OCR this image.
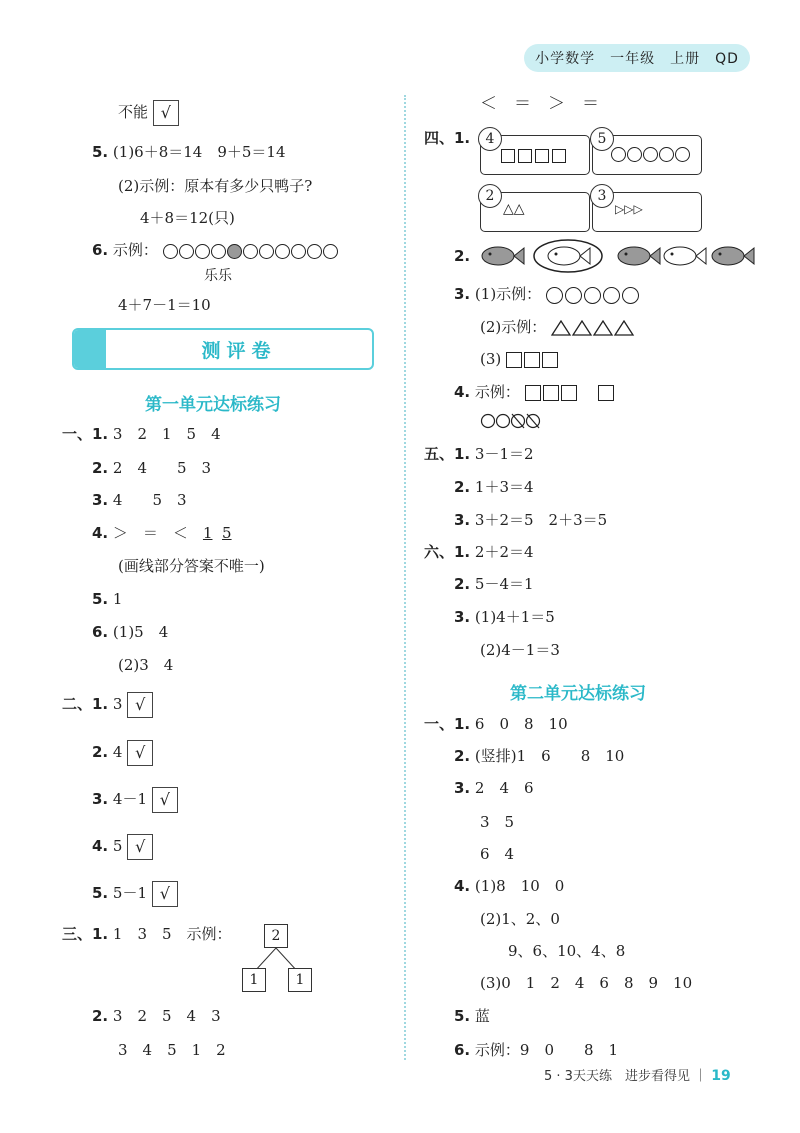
小学数学　一年级　上册　QD
不能 √
5. (1)6＋8＝14　9＋5＝14
(2)示例：原本有多少只鸭子?
4＋8＝12(只)
6. 示例：
乐乐
4＋7－1＝10
测评卷
第一单元达标练习
一、1. 3　2　1　5　4
2. 2　4　　5　3
3. 4　　5　3
4. ＞　＝　＜　1 5
(画线部分答案不唯一)
5. 1
6. (1)5　4
(2)3　4
二、1. 3 √
2. 4 √
3. 4－1 √
4. 5 √
5. 5－1 √
三、1. 1　3　5　示例：	2
1	1
2. 3　2　5　4　3
3　4　5　1　2
＜　＝　＞　＝
四、1.	4	5
2
△△
3
▷▷▷
2.
3. (1)示例：
(2)示例：
(3)
4. 示例：
五、1. 3－1＝2
2. 1＋3＝4
3. 3＋2＝5　2＋3＝5
六、1. 2＋2＝4
2. 5－4＝1
3. (1)4＋1＝5
(2)4－1＝3
第二单元达标练习
一、1. 6　0　8　10
2. (竖排)1　6　　8　10
3. 2　4　6
3　5
6　4
4. (1)8　10　0
(2)1、2、0
9、6、10、4、8
(3)0　1　2　4　6　8　9　10
5. 蓝
6. 示例：9　0　　8　1
5 · 3天天练　进步看得见 ｜ 19
